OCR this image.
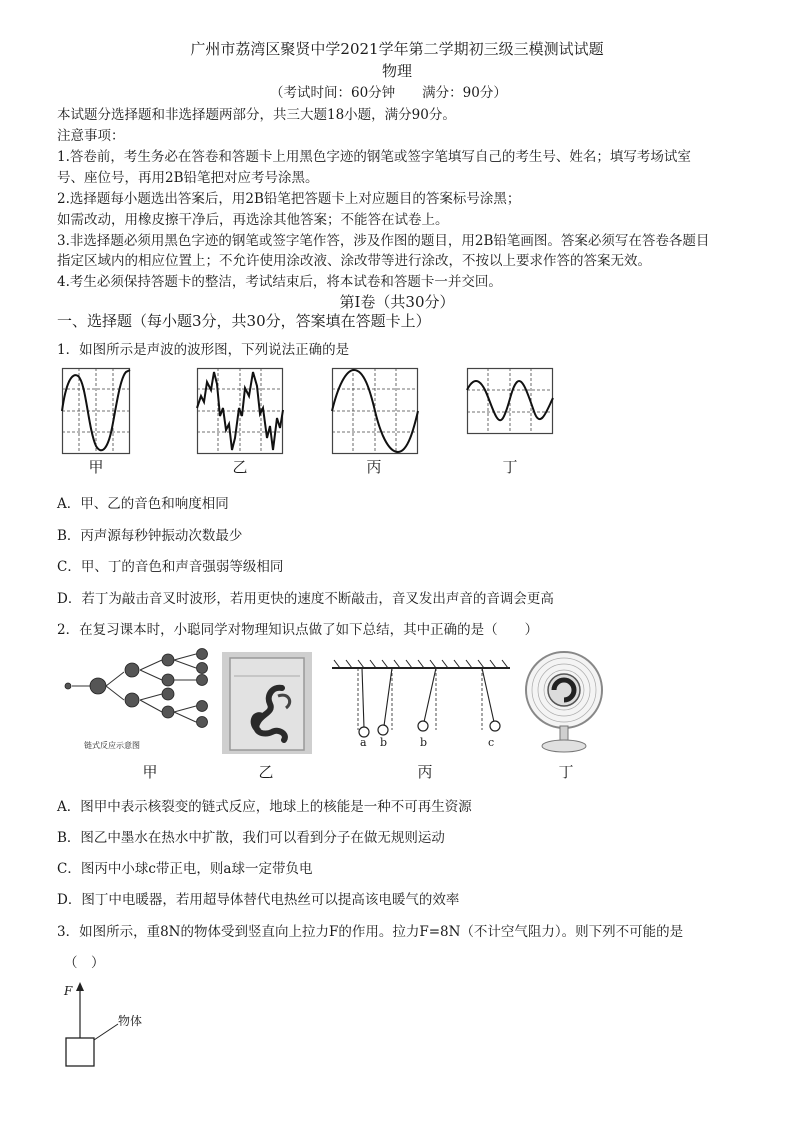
广州市荔湾区聚贤中学2021学年第二学期初三级三模测试试题
物理
（考试时间：60分钟　　满分：90分）
本试题分选择题和非选择题两部分，共三大题18小题，满分90分。
注意事项：
1.答卷前，考生务必在答卷和答题卡上用黑色字迹的钢笔或签字笔填写自己的考生号、姓名；填写考场试室
号、座位号，再用2B铅笔把对应考号涂黑。
2.选择题每小题选出答案后，用2B铅笔把答题卡上对应题目的答案标号涂黑；
如需改动，用橡皮擦干净后，再选涂其他答案；不能答在试卷上。
3.非选择题必须用黑色字迹的钢笔或签字笔作答，涉及作图的题目，用2B铅笔画图。答案必须写在答卷各题目
指定区域内的相应位置上；不允许使用涂改液、涂改带等进行涂改，不按以上要求作答的答案无效。
4.考生必须保持答题卡的整洁，考试结束后，将本试卷和答题卡一并交回。
第Ⅰ卷（共30分）
一、选择题（每小题3分，共30分，答案填在答题卡上）
1．如图所示是声波的波形图，下列说法正确的是
甲	乙	丙	丁
A．甲、乙的音色和响度相同
B．丙声源每秒钟振动次数最少
C．甲、丁的音色和声音强弱等级相同
D．若丁为敲击音叉时波形，若用更快的速度不断敲击，音叉发出声音的音调会更高
2．在复习课本时，小聪同学对物理知识点做了如下总结，其中正确的是（　　）
链式反应示意图
甲	乙
a b	b	c
丙	丁
A．图甲中表示核裂变的链式反应，地球上的核能是一种不可再生资源
B．图乙中墨水在热水中扩散，我们可以看到分子在做无规则运动
C．图丙中小球c带正电，则a球一定带负电
D．图丁中电暖器，若用超导体替代电热丝可以提高该电暖气的效率
3．如图所示，重8N的物体受到竖直向上拉力F的作用。拉力F=8N（不计空气阻力）。则下列不可能的是
（　）
F
物体
